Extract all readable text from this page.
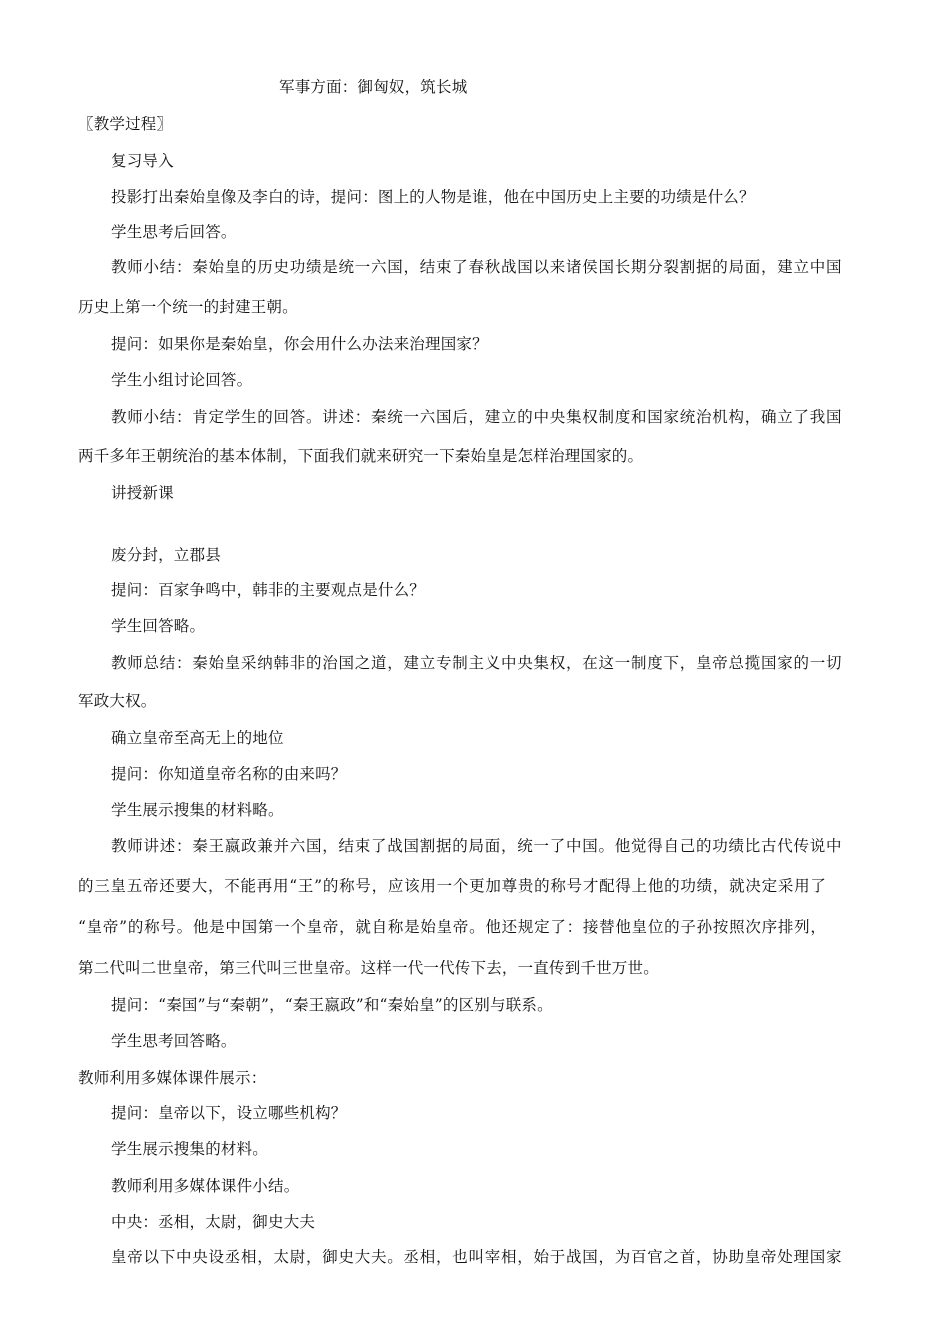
军事方面：御匈奴，筑长城
〖教学过程〗
复习导入
投影打出秦始皇像及李白的诗，提问：图上的人物是谁，他在中国历史上主要的功绩是什么？
学生思考后回答。
教师小结：秦始皇的历史功绩是统一六国，结束了春秋战国以来诸侯国长期分裂割据的局面，建立中国
历史上第一个统一的封建王朝。
提问：如果你是秦始皇，你会用什么办法来治理国家？
学生小组讨论回答。
教师小结：肯定学生的回答。讲述：秦统一六国后，建立的中央集权制度和国家统治机构，确立了我国
两千多年王朝统治的基本体制，下面我们就来研究一下秦始皇是怎样治理国家的。
讲授新课
废分封，立郡县
提问：百家争鸣中，韩非的主要观点是什么？
学生回答略。
教师总结：秦始皇采纳韩非的治国之道，建立专制主义中央集权，在这一制度下，皇帝总揽国家的一切
军政大权。
确立皇帝至高无上的地位
提问：你知道皇帝名称的由来吗？
学生展示搜集的材料略。
教师讲述：秦王嬴政兼并六国，结束了战国割据的局面，统一了中国。他觉得自己的功绩比古代传说中
的三皇五帝还要大，不能再用“王”的称号，应该用一个更加尊贵的称号才配得上他的功绩，就决定采用了
“皇帝”的称号。他是中国第一个皇帝，就自称是始皇帝。他还规定了：接替他皇位的子孙按照次序排列，
第二代叫二世皇帝，第三代叫三世皇帝。这样一代一代传下去，一直传到千世万世。
提问：“秦国”与“秦朝”，“秦王嬴政”和“秦始皇”的区别与联系。
学生思考回答略。
教师利用多媒体课件展示：
提问：皇帝以下，设立哪些机构？
学生展示搜集的材料。
教师利用多媒体课件小结。
中央：丞相，太尉，御史大夫
皇帝以下中央设丞相，太尉，御史大夫。丞相，也叫宰相，始于战国，为百官之首，协助皇帝处理国家
